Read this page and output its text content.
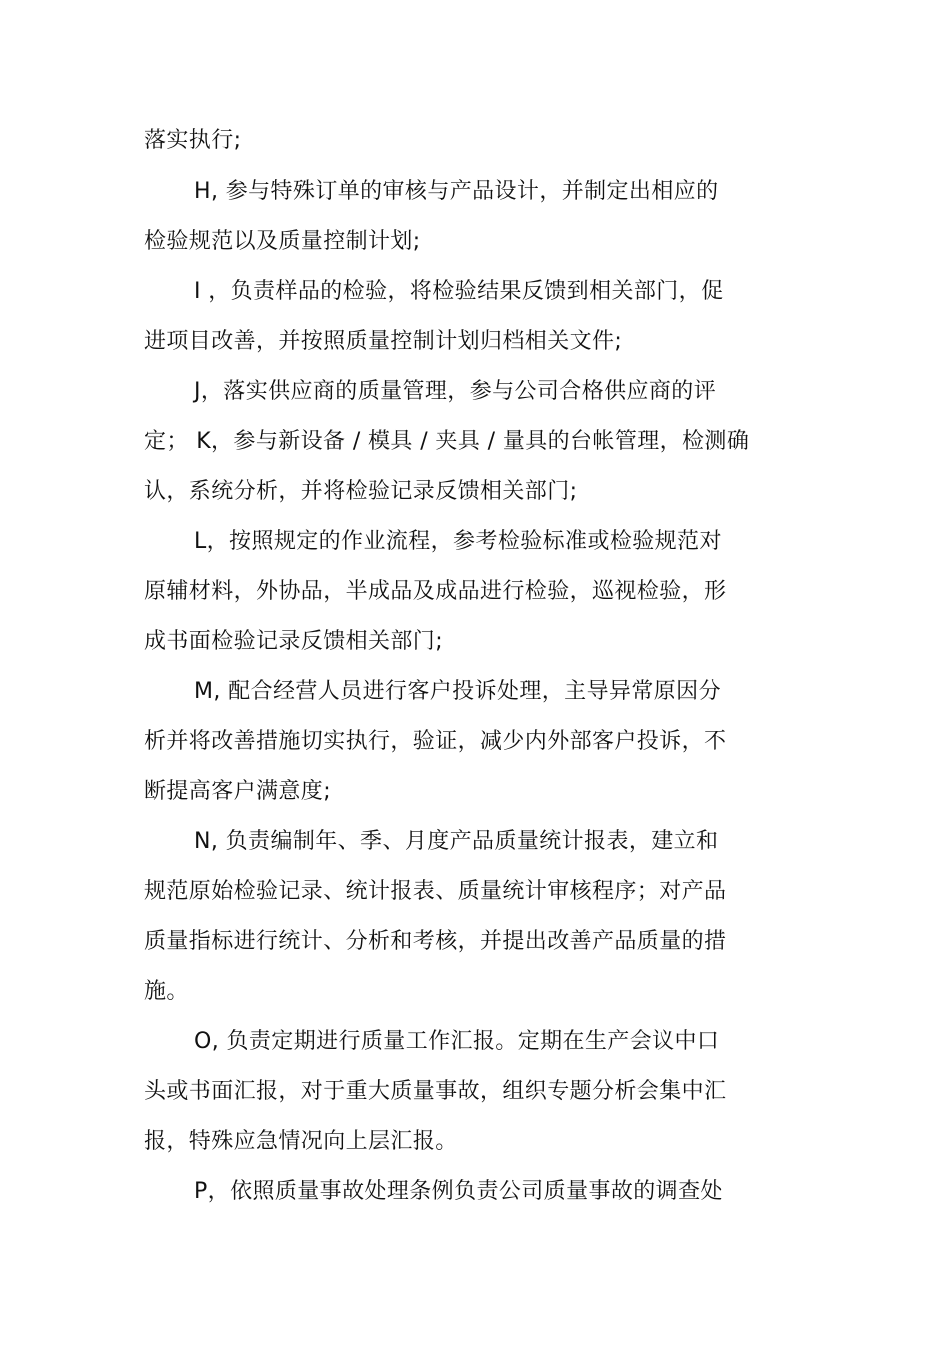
落实执行;
H, 参与特殊订单的审核与产品设计，并制定出相应的
检验规范以及质量控制计划;
I ，负责样品的检验，将检验结果反馈到相关部门，促
进项目改善，并按照质量控制计划归档相关文件;
J，落实供应商的质量管理，参与公司合格供应商的评
定； K，参与新设备 / 模具 / 夹具 / 量具的台帐管理，检测确
认，系统分析，并将检验记录反馈相关部门;
L，按照规定的作业流程，参考检验标准或检验规范对
原辅材料，外协品，半成品及成品进行检验，巡视检验，形
成书面检验记录反馈相关部门;
M, 配合经营人员进行客户投诉处理，主导异常原因分
析并将改善措施切实执行，验证，减少内外部客户投诉，不
断提高客户满意度;
N, 负责编制年、季、月度产品质量统计报表，建立和
规范原始检验记录、统计报表、质量统计审核程序；对产品
质量指标进行统计、分析和考核，并提出改善产品质量的措
施。
O, 负责定期进行质量工作汇报。定期在生产会议中口
头或书面汇报，对于重大质量事故，组织专题分析会集中汇
报，特殊应急情况向上层汇报。
P，依照质量事故处理条例负责公司质量事故的调查处
